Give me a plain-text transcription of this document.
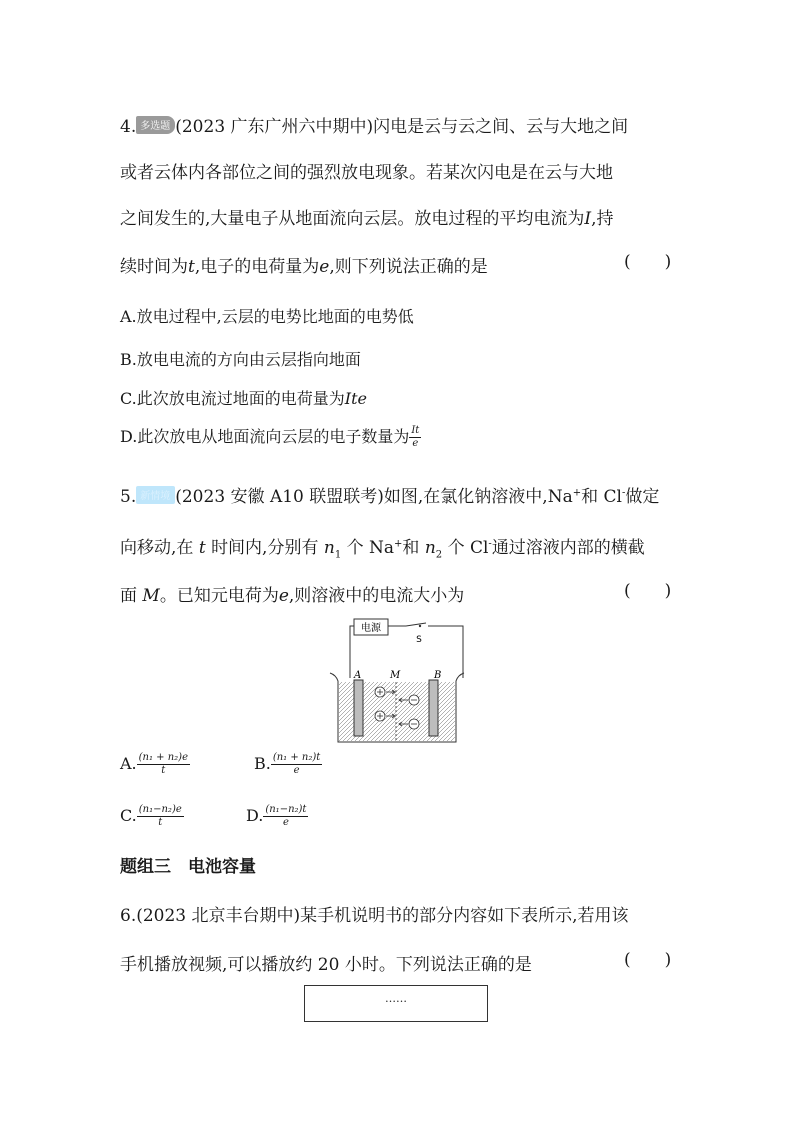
4. 多选题 (2023 广东广州六中期中)闪电是云与云之间、云与大地之间
或者云体内各部位之间的强烈放电现象。若某次闪电是在云与大地
之间发生的,大量电子从地面流向云层。放电过程的平均电流为I,持
续时间为t,电子的电荷量为e,则下列说法正确的是	(  )
A.放电过程中,云层的电势比地面的电势低
B.放电电流的方向由云层指向地面
C.此次放电流过地面的电荷量为Ite
D.此次放电从地面流向云层的电子数量为 $\frac{It}{e}$
5. 新情境 (2023 安徽 A10 联盟联考)如图,在氯化钠溶液中,Na+和 Cl-做定
向移动,在 t 时间内,分别有 $n_1$ 个 Na+和 $n_2$ 个 Cl-通过溶液内部的横截
面 M。已知元电荷为e,则溶液中的电流大小为	(  )
电源
S
A	M	B
A. $\frac{\text{(n₁ + n₂)e}}{t}$	B. $\frac{\text{(n₁ + n₂)t}}{e}$
C. $\frac{\text{(n₁−n₂)e}}{t}$	D. $\frac{\text{(n₁−n₂)t}}{e}$
题组三 电池容量
6.(2023 北京丰台期中)某手机说明书的部分内容如下表所示,若用该
手机播放视频,可以播放约 20 小时。下列说法正确的是	(  )
……
